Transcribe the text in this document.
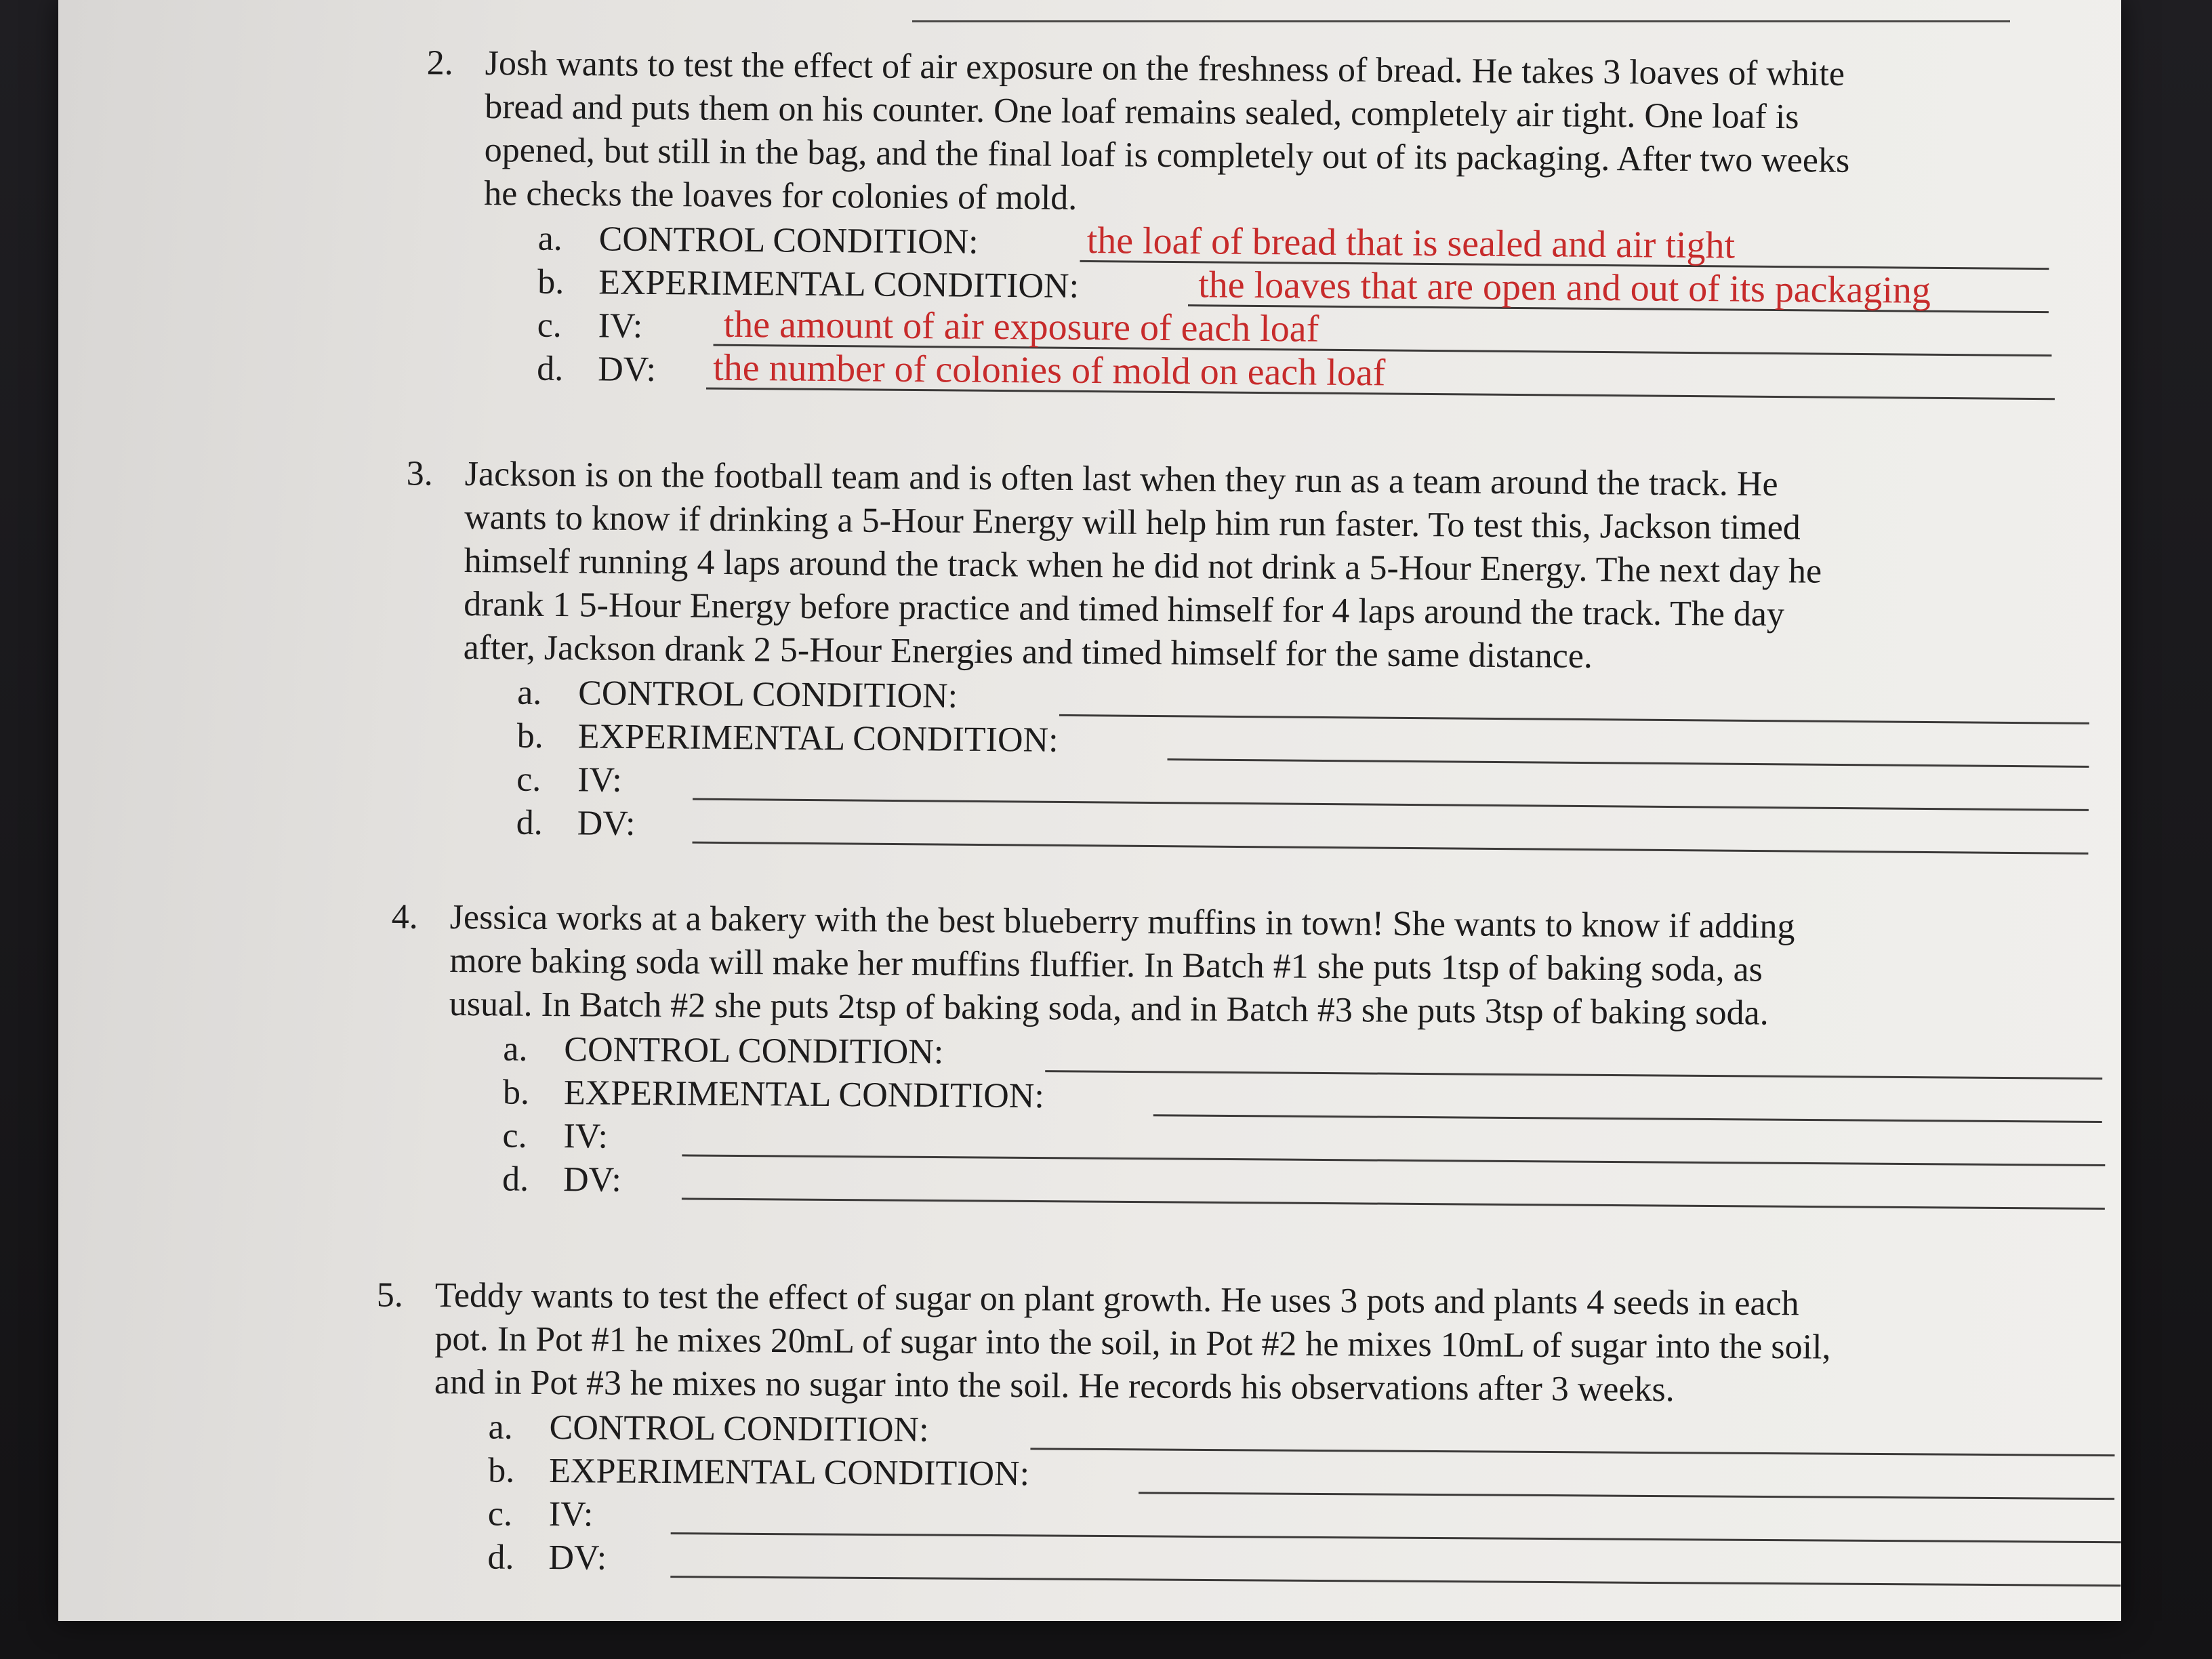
2. Josh wants to test the effect of air exposure on the freshness of bread. He takes 3 loaves of white
bread and puts them on his counter. One loaf remains sealed, completely air tight. One loaf is
opened, but still in the bag, and the final loaf is completely out of its packaging. After two weeks
he checks the loaves for colonies of mold.
a. CONTROL CONDITION:	the loaf of bread that is sealed and air tight
b. EXPERIMENTAL CONDITION:	the loaves that are open and out of its packaging
c. IV: the amount of air exposure of each loaf
d. DV: the number of colonies of mold on each loaf
3. Jackson is on the football team and is often last when they run as a team around the track. He
wants to know if drinking a 5-Hour Energy will help him run faster. To test this, Jackson timed
himself running 4 laps around the track when he did not drink a 5-Hour Energy. The next day he
drank 1 5-Hour Energy before practice and timed himself for 4 laps around the track. The day
after, Jackson drank 2 5-Hour Energies and timed himself for the same distance.
a. CONTROL CONDITION:
b. EXPERIMENTAL CONDITION:
c. IV:
d. DV:
4. Jessica works at a bakery with the best blueberry muffins in town! She wants to know if adding
more baking soda will make her muffins fluffier. In Batch #1 she puts 1tsp of baking soda, as
usual. In Batch #2 she puts 2tsp of baking soda, and in Batch #3 she puts 3tsp of baking soda.
a. CONTROL CONDITION:
b. EXPERIMENTAL CONDITION:
c. IV:
d. DV:
5. Teddy wants to test the effect of sugar on plant growth. He uses 3 pots and plants 4 seeds in each
pot. In Pot #1 he mixes 20mL of sugar into the soil, in Pot #2 he mixes 10mL of sugar into the soil,
and in Pot #3 he mixes no sugar into the soil. He records his observations after 3 weeks.
a. CONTROL CONDITION:
b. EXPERIMENTAL CONDITION:
c. IV:
d. DV:
